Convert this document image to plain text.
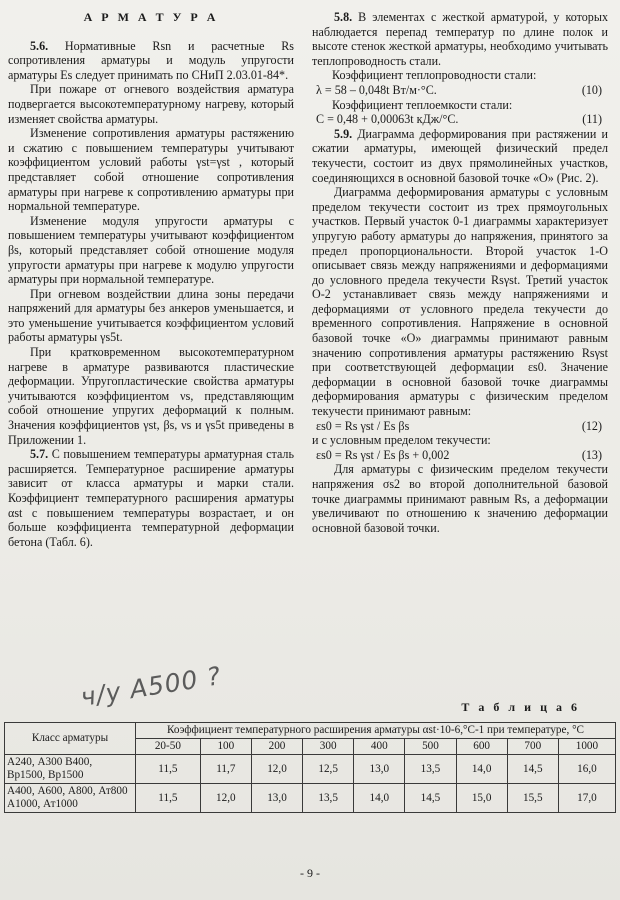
А Р М А Т У Р А

5.6. Нормативные Rsn и расчетные Rs сопротивления арматуры и модуль упругости арматуры Es следует принимать по СНиП 2.03.01-84*.

При пожаре от огневого воздействия арматура подвергается высокотемпературному нагреву, который изменяет свойства арматуры.

Изменение сопротивления арматуры растяжению и сжатию с повышением температуры учитывают коэффициентом условий работы γst=γst , который представляет собой отношение сопротивления арматуры при нагреве к сопротивлению арматуры при нормальной температуре.

Изменение модуля упругости арматуры с повышением температуры учитывают коэффициентом βs, который представляет собой отношение модуля упругости арматуры при нагреве к модулю упругости арматуры при нормальной температуре.

При огневом воздействии длина зоны передачи напряжений для арматуры без анкеров уменьшается, и это уменьшение учитывается коэффициентом условий работы арматуры γs5t.

При кратковременном высокотемпературном нагреве в арматуре развиваются пластические деформации. Упругопластические свойства арматуры учитываются коэффициентом νs, представляющим собой отношение упругих деформаций к полным. Значения коэффициентов γst, βs, νs и γs5t приведены в Приложении 1.

5.7. С повышением температуры арматурная сталь расширяется. Температурное расширение арматуры зависит от класса арматуры и марки стали. Коэффициент температурного расширения арматуры αst с повышением температуры возрастает, и он больше коэффициента температурной деформации бетона (Табл. 6).

5.8. В элементах с жесткой арматурой, у которых наблюдается перепад температур по длине полок и высоте стенок жесткой арматуры, необходимо учитывать теплопроводность стали.

Коэффициент теплопроводности стали:

λ = 58 – 0,048t Вт/м·°С.	(10)

Коэффициент теплоемкости стали:

С = 0,48 + 0,00063t кДж/°С.	(11)

5.9. Диаграмма деформирования при растяжении и сжатии арматуры, имеющей физический предел текучести, состоит из двух прямолинейных участков, соединяющихся в основной базовой точке «О» (Рис. 2).

Диаграмма деформирования арматуры с условным пределом текучести состоит из трех прямоугольных участков. Первый участок 0-1 диаграммы характеризует упругую работу арматуры до напряжения, принятого за предел пропорциональности. Второй участок 1-О описывает связь между напряжениями и деформациями до условного предела текучести Rsγst. Третий участок О-2 устанавливает связь между напряжениями и деформациями от условного предела текучести до временного сопротивления. Напряжение в основной базовой точке «О» диаграммы принимают равным значению сопротивления арматуры растяжению Rsγst при соответствующей деформации εs0. Значение деформации в основной базовой точке диаграммы деформирования арматуры с физическим пределом текучести принимают равным:

εs0 = Rs γst / Es βs	(12)

и с условным пределом текучести:

εs0 = Rs γst / Es βs + 0,002	(13)

Для арматуры с физическим пределом текучести напряжения σs2 во второй дополнительной базовой точке диаграммы принимают равным Rs, а деформации увеличивают по отношению к значению деформации основной базовой точки.

ч/у А500 ?	Т а б л и ц а 6
Класс арматуры	Коэффициент температурного расширения арматуры αst·10-6,°С-1 при температуре, °С								
	20-50	100	200	300	400	500	600	700	1000
А240, А300 В400, Вр1500, Вр1500	11,5	11,7	12,0	12,5	13,0	13,5	14,0	14,5	16,0
А400, А600, А800, Ат800 А1000, Ат1000	11,5	12,0	13,0	13,5	14,0	14,5	15,0	15,5	17,0
- 9 -
